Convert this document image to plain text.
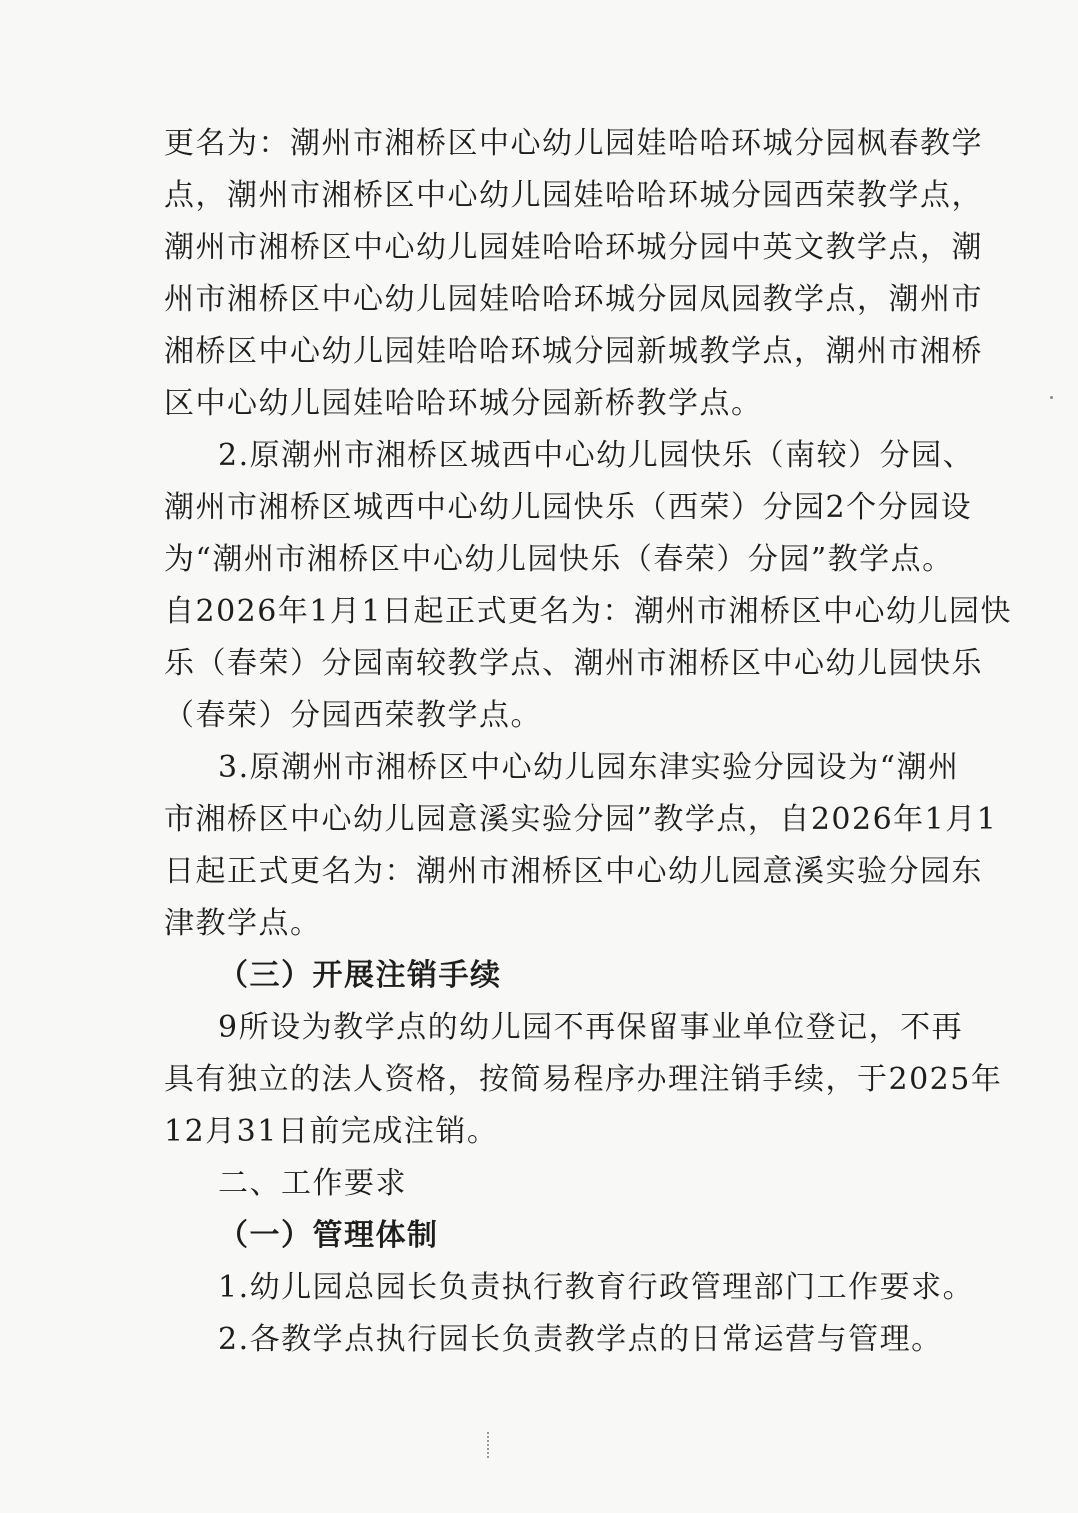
更名为：潮州市湘桥区中心幼儿园娃哈哈环城分园枫春教学
点，潮州市湘桥区中心幼儿园娃哈哈环城分园西荣教学点，
潮州市湘桥区中心幼儿园娃哈哈环城分园中英文教学点，潮
州市湘桥区中心幼儿园娃哈哈环城分园凤园教学点，潮州市
湘桥区中心幼儿园娃哈哈环城分园新城教学点，潮州市湘桥
区中心幼儿园娃哈哈环城分园新桥教学点。
2.原潮州市湘桥区城西中心幼儿园快乐（南较）分园、
潮州市湘桥区城西中心幼儿园快乐（西荣）分园2个分园设
为“潮州市湘桥区中心幼儿园快乐（春荣）分园”教学点。
自2026年1月1日起正式更名为：潮州市湘桥区中心幼儿园快
乐（春荣）分园南较教学点、潮州市湘桥区中心幼儿园快乐
（春荣）分园西荣教学点。
3.原潮州市湘桥区中心幼儿园东津实验分园设为“潮州
市湘桥区中心幼儿园意溪实验分园”教学点，自2026年1月1
日起正式更名为：潮州市湘桥区中心幼儿园意溪实验分园东
津教学点。
（三）开展注销手续
9所设为教学点的幼儿园不再保留事业单位登记，不再
具有独立的法人资格，按简易程序办理注销手续，于2025年
12月31日前完成注销。
二、工作要求
（一）管理体制
1.幼儿园总园长负责执行教育行政管理部门工作要求。
2.各教学点执行园长负责教学点的日常运营与管理。
